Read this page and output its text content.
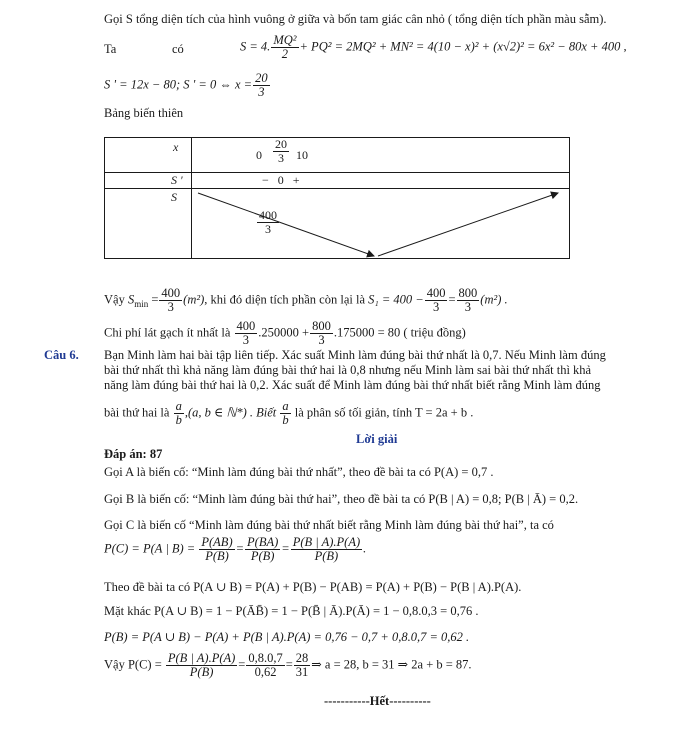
Gọi S tổng diện tích của hình vuông ở giữa và bốn tam giác cân nhỏ ( tổng diện tích phần màu sẫm).
Ta	có	S = 4. $\frac{\text{MQ²}}{2} + PQ^2 = 2MQ^2 + MN^2 = 4(10 - x)^2 + (x√2)^2 = 6x^2 - 80x + 400$ ,
S ' = 12x − 80; S ' = 0 ⇔ $x = \frac{20}{3}$
Bảng biến thiên
x	$0 \frac{20}{3} 10$

S '	−   0   +

S	$\frac{400}{3}$
Vậy $S_{min} = \frac{400}{3} (m^2)$, khi đó diện tích phần còn lại là $S_1 = 400 - \frac{400}{3} = \frac{800}{3} (m^2)$ .
Chi phí lát gạch ít nhất là $\frac{400}{3} .250000 + \frac{800}{3} .175000 = 80$ ( triệu đồng)
Câu 6. Bạn Minh làm hai bài tập liên tiếp. Xác suất Minh làm đúng bài thứ nhất là 0,7. Nếu Minh làm đúng
bài thứ nhất thì khả năng làm đúng bài thứ hai là 0,8 nhưng nếu Minh làm sai bài thứ nhất thì khả
năng làm đúng bài thứ hai là 0,2. Xác suất để Minh làm đúng bài thứ nhất biết rằng Minh làm đúng
bài thứ hai là $\frac{a}{b} ,(a$, b ∈ ℕ*) . Biết $\frac{a}{b}$ là phân số tối giản, tính T = 2a + b .
Lời giải
Đáp án: 87
Gọi A là biến cố: “Minh làm đúng bài thứ nhất”, theo đề bài ta có P(A) = 0,7 .
Gọi B là biến cố: “Minh làm đúng bài thứ hai”, theo đề bài ta có P(B | A) = 0,8; P(B | Ā) = 0,2.
Gọi C là biến cố “Minh làm đúng bài thứ nhất biết rằng Minh làm đúng bài thứ hai”, ta có
P(C) = P(A | $B) = \frac{P(AB)}{P(B)} = \frac{P(BA)}{P(B)} = \frac{P(B | A).P(A)}{P(B)}$ .
Theo đề bài ta có P(A ∪ B) = P(A) + P(B) − P(AB) = P(A) + P(B) − P(B | A).P(A).
Mặt khác P(A ∪ B) = 1 − P(ĀB̄) = 1 − P(B̄ | Ā).P(Ā) = 1 − 0,8.0,3 = 0,76 .
P(B) = P(A ∪ B) − P(A) + P(B | A).P(A) = 0,76 − 0,7 + 0,8.0,7 = 0,62 .
Vậy $P(C) = \frac{P(B | A).P(A)}{P(B)} = \frac{0,8.0,7}{0,62} = \frac{28}{31}$ ⇒ a = 28, b = 31 ⇒ 2a + b = 87.
-----------Hết----------
